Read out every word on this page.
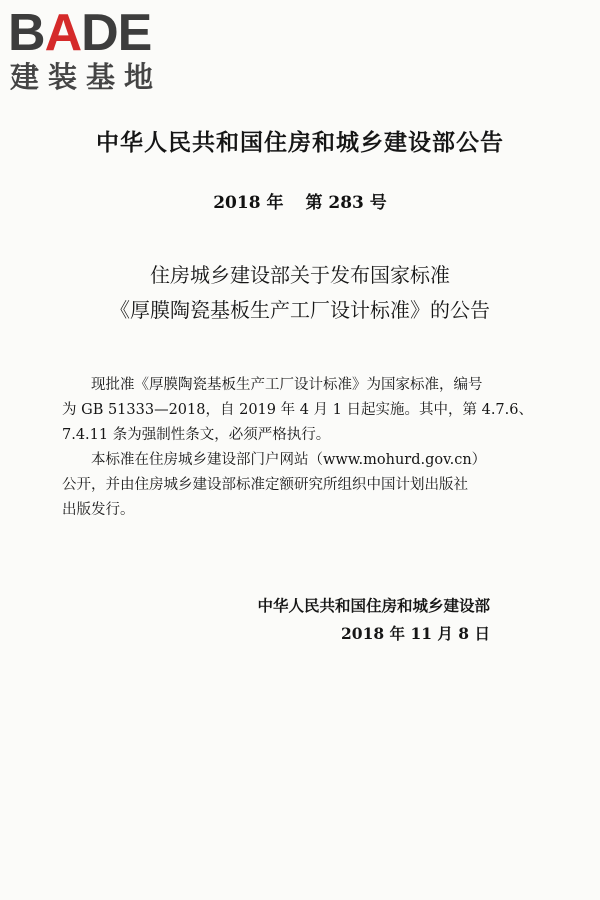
BADE
建装基地
中华人民共和国住房和城乡建设部公告
2018 年 第 283 号
住房城乡建设部关于发布国家标准
《厚膜陶瓷基板生产工厂设计标准》的公告
现批准《厚膜陶瓷基板生产工厂设计标准》为国家标准，编号
为 GB 51333—2018，自 2019 年 4 月 1 日起实施。其中，第 4.7.6、
7.4.11 条为强制性条文，必须严格执行。
本标准在住房城乡建设部门户网站（www.mohurd.gov.cn）
公开，并由住房城乡建设部标准定额研究所组织中国计划出版社
出版发行。
中华人民共和国住房和城乡建设部
2018 年 11 月 8 日
